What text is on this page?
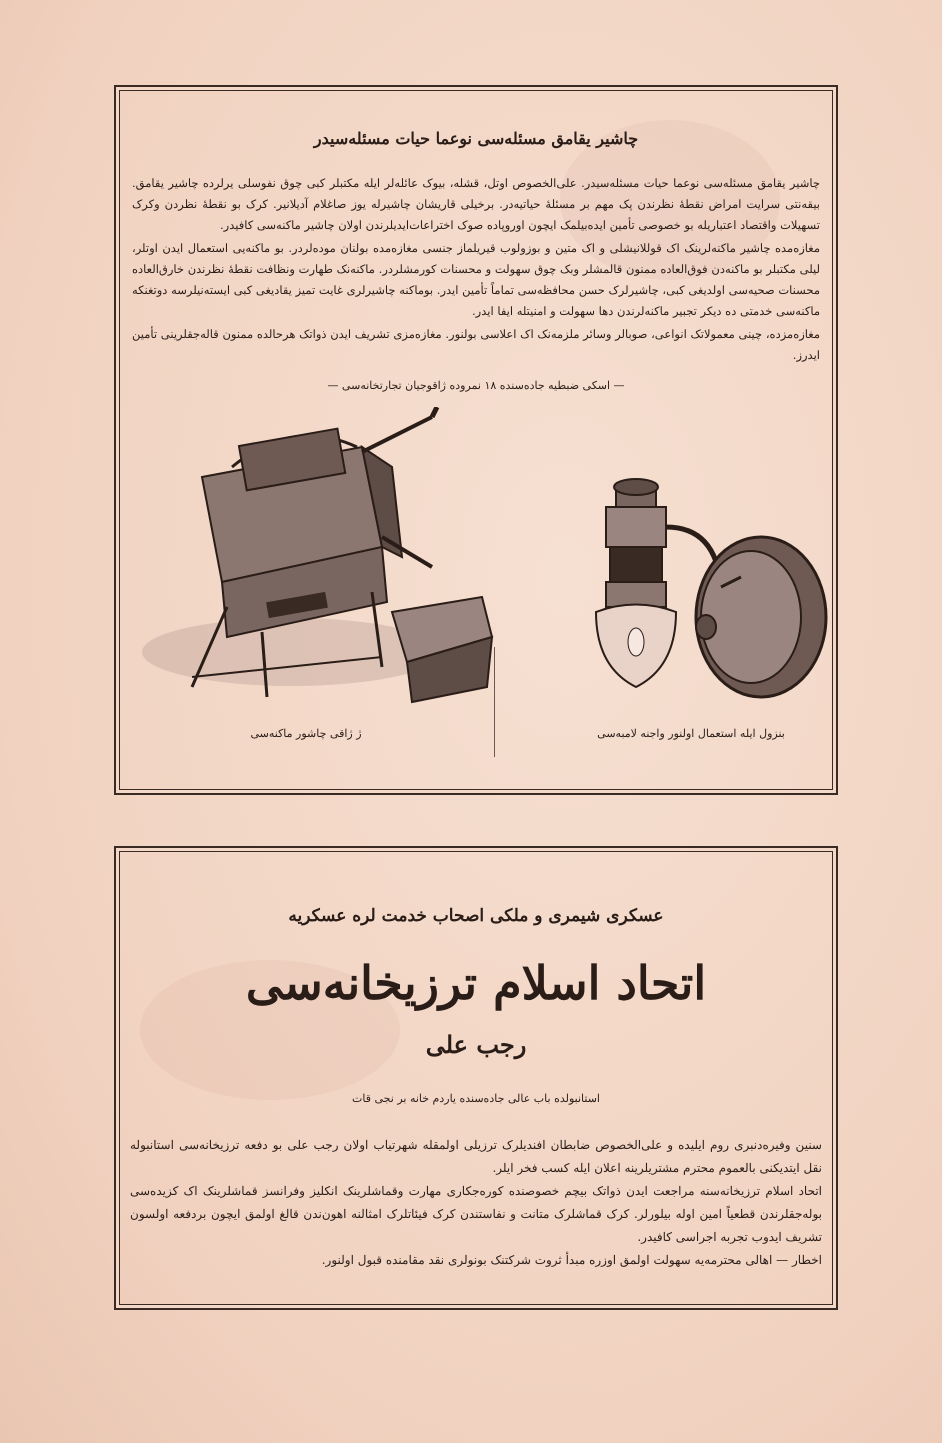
چاشیر یقامق مسئله‌سی نوعما حیات مسئله‌سیدر

چاشیر یقامق مسئله‌سی نوعما حیات مسئله‌سیدر. علی‌الخصوص اوتل، قشله، بیوک عائله‌لر ایله مکتبلر کبی چوق نفوسلی یرلرده چاشیر یقامق. بیقه‌نتی سرایت امراض نقطهٔ نظرندن پک مهم بر مسئلهٔ حیاتیه‌در. برخیلی قاریشان چاشیرله یوز صاغلام آدیلانیر. کرک بو نقطهٔ نظردن وکرک تسهیلات واقتصاد اعتباریله بو خصوصی تأمین ایده‌بیلمک ایچون اوروپاده صوک اختراعات‌ایدیلرندن اولان چاشیر ماکنه‌سی کافیدر.

مغازه‌مده چاشیر ماکنه‌لرینک اک قوللانیشلی و اک متین و بوزولوب قیریلماز جنسی مغازه‌مده بولنان موده‌لردر. بو ماکنه‌یی استعمال ایدن اوتلر، لیلی مکتبلر بو ماکنه‌دن فوق‌العاده ممنون قالمشلر وبک چوق سهولت و محسنات کورمشلردر. ماکنه‌نک طهارت ونظافت نقطهٔ نظرندن خارق‌العاده محسنات صحیه‌سی اولدیغی کبی، چاشیرلرک حسن محافظه‌سی تماماً تأمین ایدر. بوماکنه چاشیرلری غایت تمیز یقادیغی کبی ایسته‌نیلرسه دوتغنکه ماکنه‌سی خدمتی ده دیکر تجبیر ماکنه‌لرندن دها سهولت و امنیتله ایفا ایدر.

مغازه‌مزده، چینی معمولاتک انواعی، صوبالر وسائر ملزمه‌نک اک اعلاسی بولنور. مغازه‌مزی تشریف ایدن ذواتک هرحالده ممنون قاله‌جقلرینی تأمین ایدرز.

— اسکی ضبطیه جاده‌سنده ۱۸ نمروده ژاقوجیان تجارتخانه‌سی —
ژ ژاقی چاشور ماکنه‌سی	بنزول ایله استعمال اولنور واجنه لامبه‌سی
عسکری شیمری و ملکی اصحاب خدمت لره عسکریه
اتحاد اسلام ترزیخانه‌سی
رجب علی
استانبولده باب عالی جاده‌سنده یاردم خانه بر نجی قات

سنین وفیره‌دنبری روم ایلیده و علی‌الخصوص ضابطان افندیلرک ترزیلی اولمقله شهرتیاب اولان رجب علی بو دفعه ترزیخانه‌سی استانبوله نقل ایتدیکنی بالعموم محترم مشتریلرینه اعلان ایله کسب فخر ایلر.

اتحاد اسلام ترزیخانه‌سنه مراجعت ایدن ذواتک بیچم خصوصنده کوره‌جکاری مهارت وقماشلرینک انکلیز وفرانسز قماشلرینک اک کزیده‌سی بوله‌جقلرندن قطعیاً امین اوله بیلورلر. کرک قماشلرک متانت و نفاستندن کرک فیئاتلرک امثالنه اهون‌ندن قالغ اولمق ایچون بردفعه اولسون تشریف ایدوب تجربه اجراسی کافیدر.

اخطار — اهالی محترمه‌یه سهولت اولمق اوزره مبدأ ثروت شرکتنک بونولری نقد مقامنده قبول اولنور.
